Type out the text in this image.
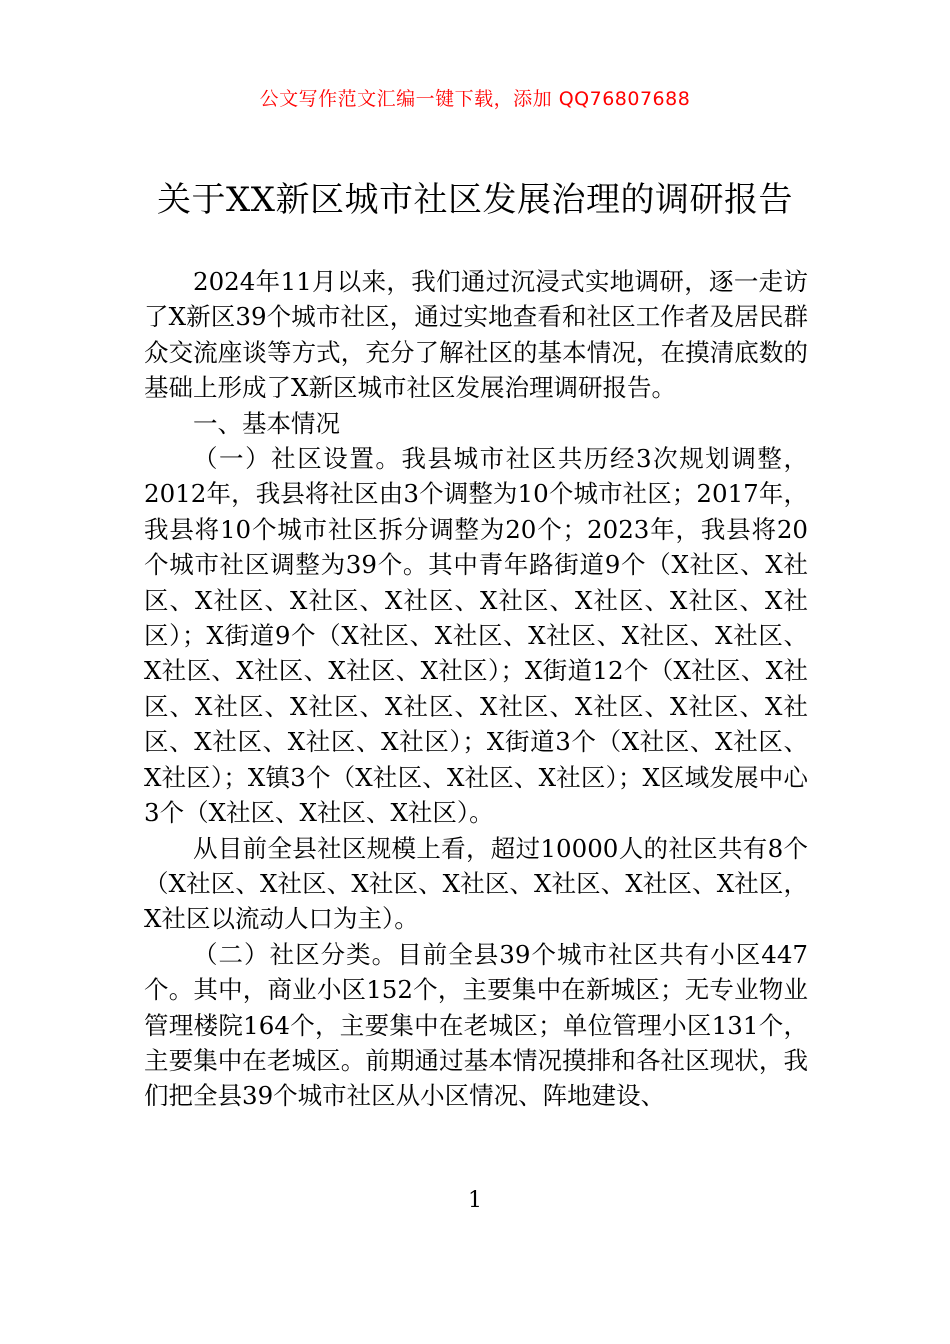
公文写作范文汇编一键下载，添加 QQ76807688
关于XX新区城市社区发展治理的调研报告

2024年11月以来，我们通过沉浸式实地调研，逐一走访了X新区39个城市社区，通过实地查看和社区工作者及居民群众交流座谈等方式，充分了解社区的基本情况，在摸清底数的基础上形成了X新区城市社区发展治理调研报告。

一、基本情况

（一）社区设置。我县城市社区共历经3次规划调整，2012年，我县将社区由3个调整为10个城市社区；2017年，我县将10个城市社区拆分调整为20个；2023年，我县将20个城市社区调整为39个。其中青年路街道9个（X社区、X社区、X社区、X社区、X社区、X社区、X社区、X社区、X社区）；X街道9个（X社区、X社区、X社区、X社区、X社区、X社区、X社区、X社区、X社区）；X街道12个（X社区、X社区、X社区、X社区、X社区、X社区、X社区、X社区、X社区、X社区、X社区、X社区）；X街道3个（X社区、X社区、X社区）；X镇3个（X社区、X社区、X社区）；X区域发展中心3个（X社区、X社区、X社区）。

从目前全县社区规模上看，超过10000人的社区共有8个（X社区、X社区、X社区、X社区、X社区、X社区、X社区，X社区以流动人口为主）。

（二）社区分类。目前全县39个城市社区共有小区447个。其中，商业小区152个，主要集中在新城区；无专业物业管理楼院164个，主要集中在老城区；单位管理小区131个，主要集中在老城区。前期通过基本情况摸排和各社区现状，我们把全县39个城市社区从小区情况、阵地建设、

1
